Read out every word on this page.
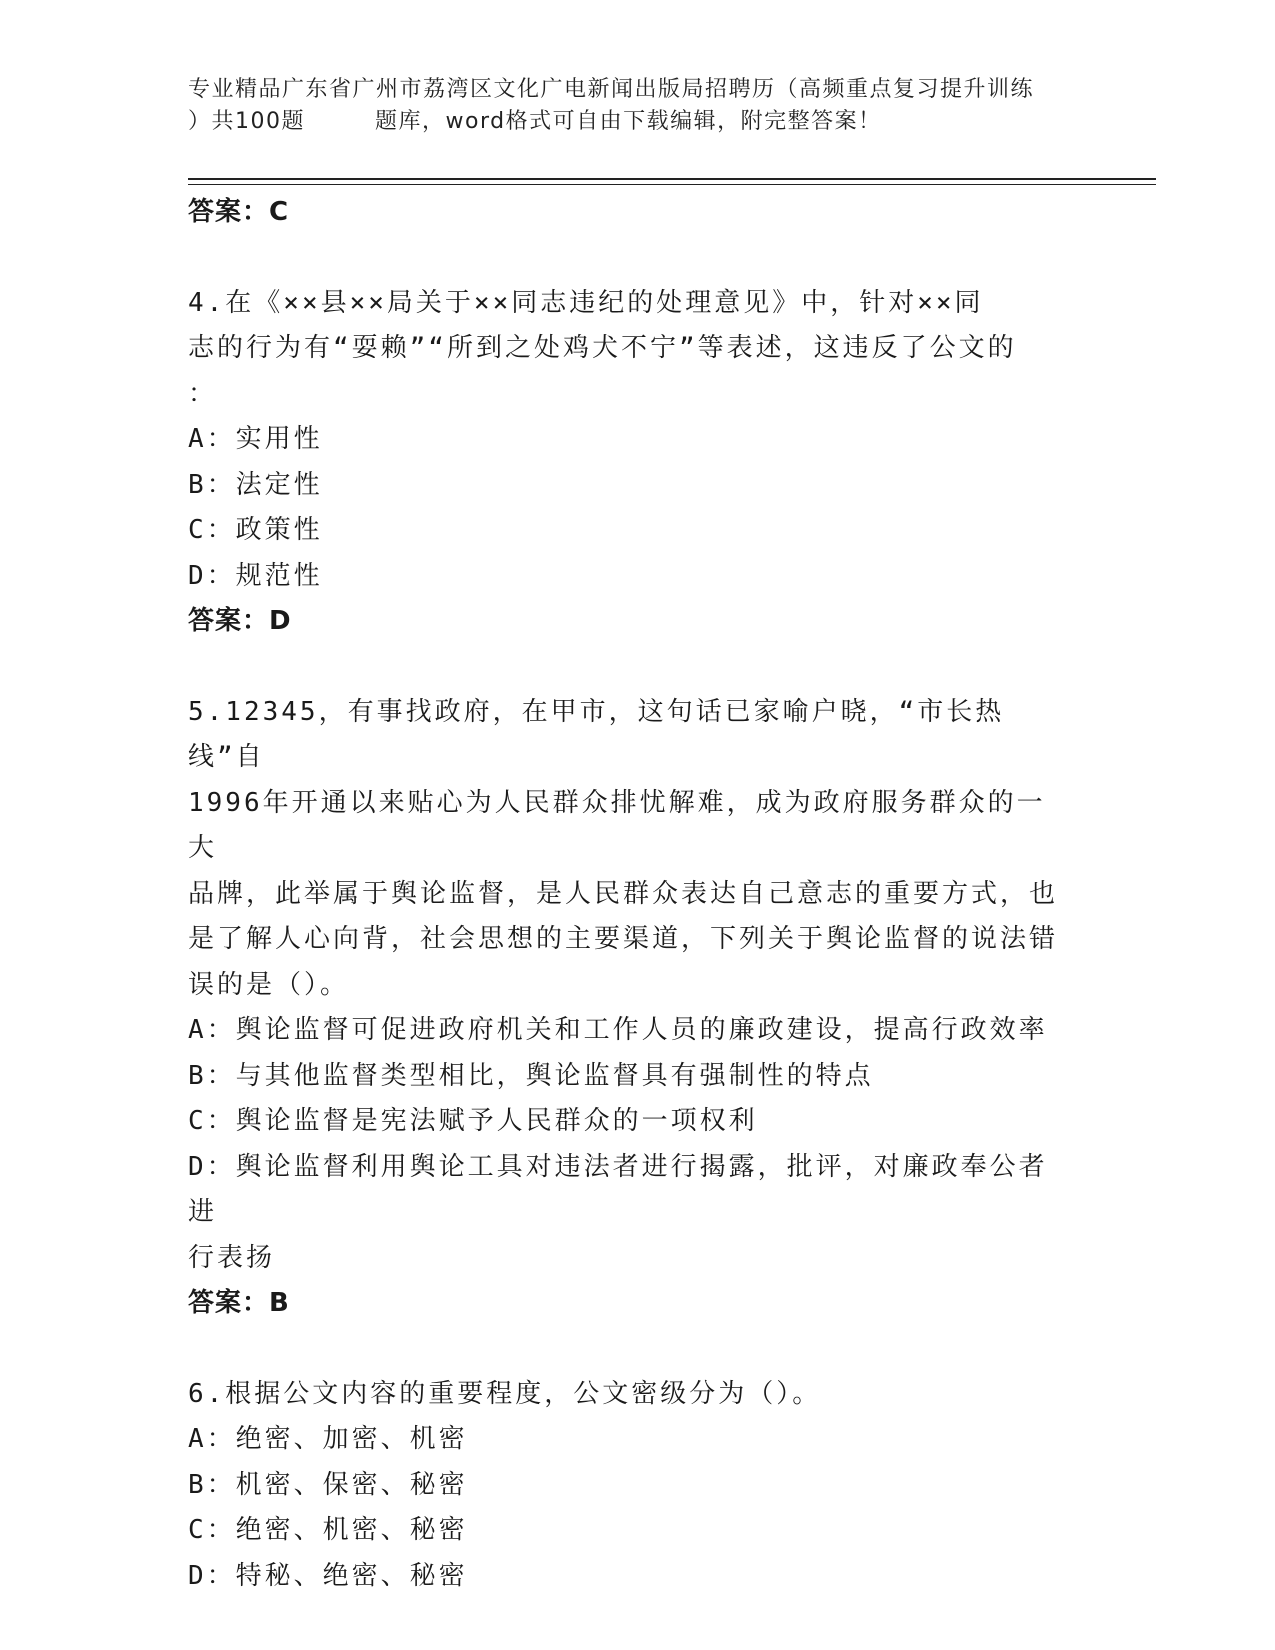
专业精品广东省广州市荔湾区文化广电新闻出版局招聘历（高频重点复习提升训练
）共100题	题库，word格式可自由下载编辑，附完整答案！
答案：C
4.在《××县××局关于××同志违纪的处理意见》中，针对××同
志的行为有“耍赖”“所到之处鸡犬不宁”等表述，这违反了公文的
：
A：实用性
B：法定性
C：政策性
D：规范性
答案：D
5.12345，有事找政府，在甲市，这句话已家喻户晓，“市长热线”自
1996年开通以来贴心为人民群众排忧解难，成为政府服务群众的一大
品牌，此举属于舆论监督，是人民群众表达自己意志的重要方式，也
是了解人心向背，社会思想的主要渠道，下列关于舆论监督的说法错
误的是（）。
A：舆论监督可促进政府机关和工作人员的廉政建设，提高行政效率
B：与其他监督类型相比，舆论监督具有强制性的特点
C：舆论监督是宪法赋予人民群众的一项权利
D：舆论监督利用舆论工具对违法者进行揭露，批评，对廉政奉公者进
行表扬
答案：B
6.根据公文内容的重要程度，公文密级分为（）。
A：绝密、加密、机密
B：机密、保密、秘密
C：绝密、机密、秘密
D：特秘、绝密、秘密
